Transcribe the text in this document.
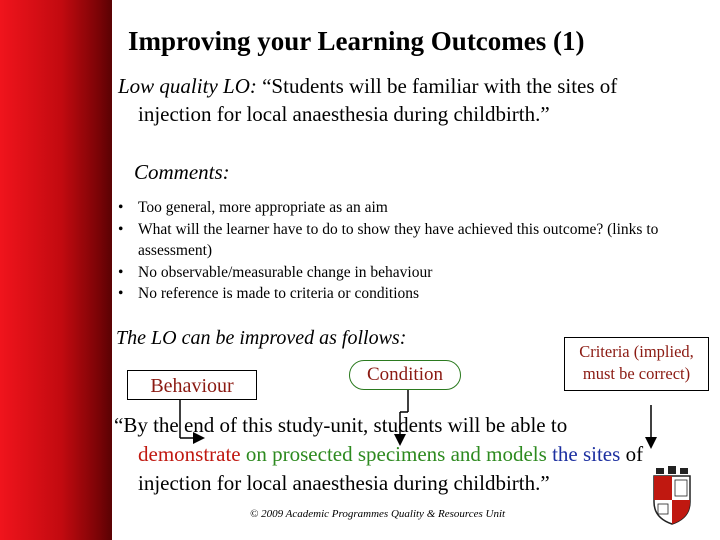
Improving your Learning Outcomes (1)
Low quality LO: “Students will be familiar with the sites of
injection for local anaesthesia during childbirth.”
Comments:
• Too general, more appropriate as an aim
• What will the learner have to do to show they have achieved this outcome? (links to assessment)
• No observable/measurable change in behaviour
• No reference is made to criteria or conditions
The LO can be improved as follows:
Behaviour
Condition
Criteria (implied,
must be correct)
“By the end of this study-unit, students will be able to
demonstrate on prosected specimens and models the sites of
injection for local anaesthesia during childbirth.”
© 2009 Academic Programmes Quality & Resources Unit
